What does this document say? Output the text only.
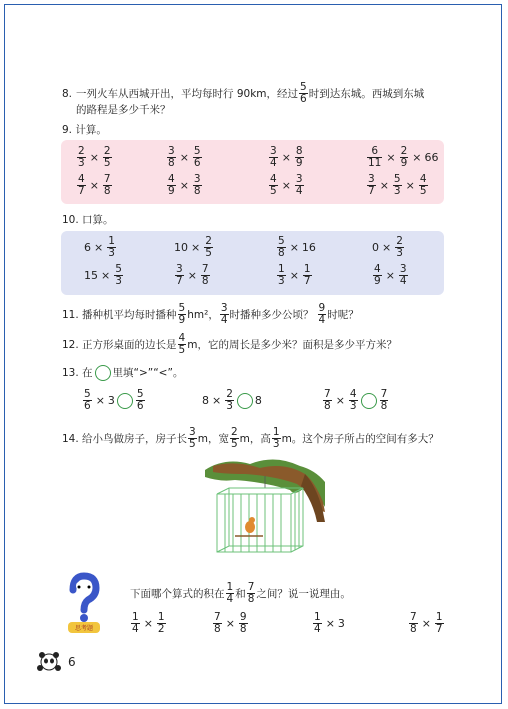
8. 一列火车从西城开出，平均每时行 90km，经过 $\frac{5}{6}$ 时到达东城。西城到东城
的路程是多少千米？
9. 计算。
$\frac{2}{3} \times \frac{2}{5}$	$\frac{3}{8} \times \frac{5}{6}$	$\frac{3}{4} \times \frac{8}{9}$	$\frac{6}{11} \times \frac{2}{9} \times 66$
$\frac{4}{7} \times \frac{7}{8}$	$\frac{4}{9} \times \frac{3}{8}$	$\frac{4}{5} \times \frac{3}{4}$	$\frac{3}{7} \times \frac{5}{3} \times \frac{4}{5}$
10. 口算。
$6 \times \frac{1}{3}$	$10 \times \frac{2}{5}$	$\frac{5}{8} \times 16$	$0 \times \frac{2}{3}$
$15 \times \frac{5}{3}$	$\frac{3}{7} \times \frac{7}{8}$	$\frac{1}{3} \times \frac{1}{7}$	$\frac{4}{9} \times \frac{3}{4}$
11. 播种机平均每时播种 $\frac{5}{9} hm^2$， $\frac{3}{4}$ 时播种多少公顷？ $\frac{9}{4}$ 时呢？
12. 正方形桌面的边长是 $\frac{4}{5}$ m，它的周长是多少米？面积是多少平方米？
13. 在 里填“>”“<”。
$\frac{5}{6} \times 3 \frac{5}{6}$	$8 \times \frac{2}{3} 8$	$\frac{7}{8} \times \frac{4}{3} \frac{7}{8}$
14. 给小鸟做房子，房子长 $\frac{3}{5}$ m，宽 $\frac{2}{5}$ m，高 $\frac{1}{3}$ m。这个房子所占的空间有多大？
思考题
下面哪个算式的积在 $\frac{1}{4}$ 和 $\frac{7}{8}$ 之间？说一说理由。
$\frac{1}{4} \times \frac{1}{2}$	$\frac{7}{8} \times \frac{9}{8}$	$\frac{1}{4} \times 3$	$\frac{7}{8} \times \frac{1}{7}$
6
